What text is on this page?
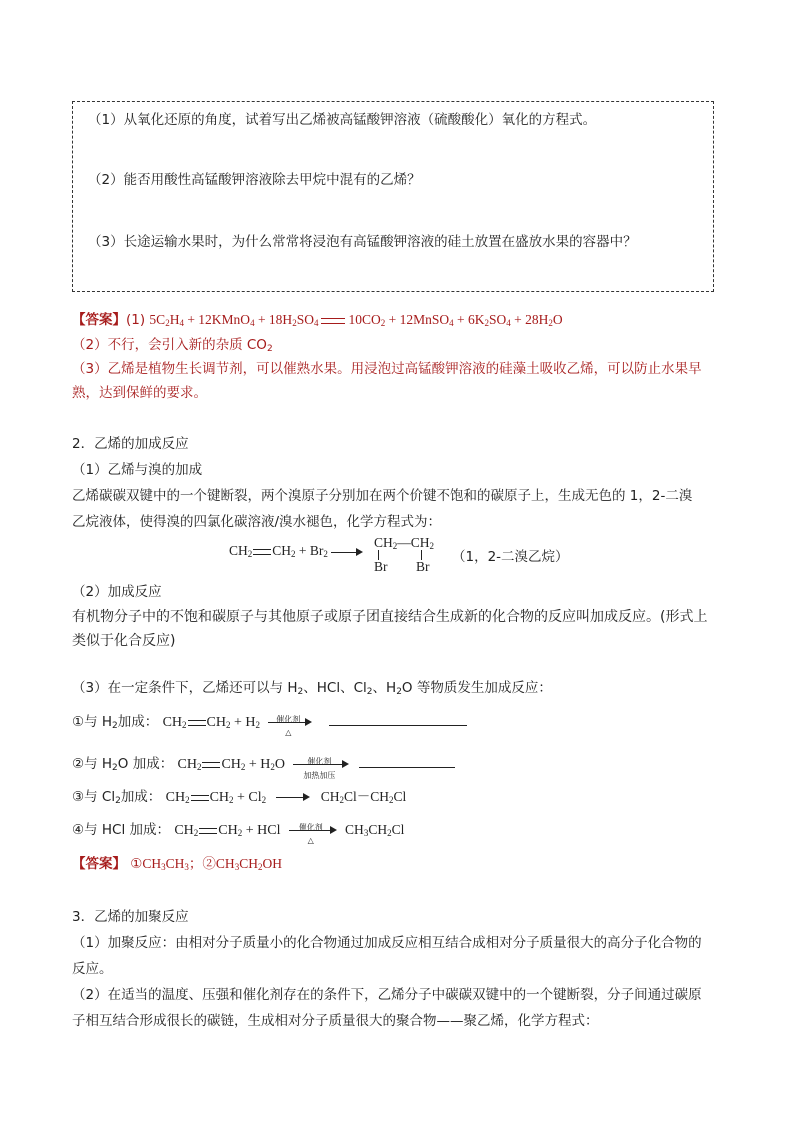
（1）从氧化还原的角度，试着写出乙烯被高锰酸钾溶液（硫酸酸化）氧化的方程式。
（2）能否用酸性高锰酸钾溶液除去甲烷中混有的乙烯？
（3）长途运输水果时，为什么常常将浸泡有高锰酸钾溶液的硅土放置在盛放水果的容器中？
【答案】(1) $5C_2H_4$ + 12KMnO$_4$ + $18H_2SO_4$ $10CO_2$ + 12MnSO$_4$ + $6K_2SO_4 + 28H_2O$
（2）不行，会引入新的杂质 $CO_2$
（3）乙烯是植物生长调节剂，可以催熟水果。用浸泡过高锰酸钾溶液的硅藻土吸收乙烯，可以防止水果早
熟，达到保鲜的要求。
2．乙烯的加成反应
（1）乙烯与溴的加成
乙烯碳碳双键中的一个键断裂，两个溴原子分别加在两个价键不饱和的碳原子上，生成无色的 1，2-二溴
乙烷液体，使得溴的四氯化碳溶液/溴水褪色，化学方程式为：
$CH_2$ $CH_2 + Br_2$
$CH_2—CH_2$
Br Br
（1，2-二溴乙烷）
（2）加成反应
有机物分子中的不饱和碳原子与其他原子或原子团直接结合生成新的化合物的反应叫加成反应。(形式上
类似于化合反应)
（3）在一定条件下，乙烯还可以与 $H_2$、HCl、$Cl_2$、$H_2O$ 等物质发生加成反应：
①与 $H_2$加成： $CH_2$ $CH_2 + H_2$
催化剂
△
②与 $H_2O$ 加成： $CH_2$ $CH_2 + H_2O$	催化剂
加热加压
③与 $Cl_2$加成： $CH_2$ $CH_2 + Cl_2$	$CH_2Cl-CH_2Cl$
④与 HCl 加成： $CH_2$ $CH_2$ + HCl	催化剂
△
$CH_3CH_2Cl$
【答案】 $①CH_3CH_3$；$②CH_3CH_2OH$
3．乙烯的加聚反应
（1）加聚反应：由相对分子质量小的化合物通过加成反应相互结合成相对分子质量很大的高分子化合物的
反应。
（2）在适当的温度、压强和催化剂存在的条件下，乙烯分子中碳碳双键中的一个键断裂，分子间通过碳原
子相互结合形成很长的碳链，生成相对分子质量很大的聚合物——聚乙烯，化学方程式：
